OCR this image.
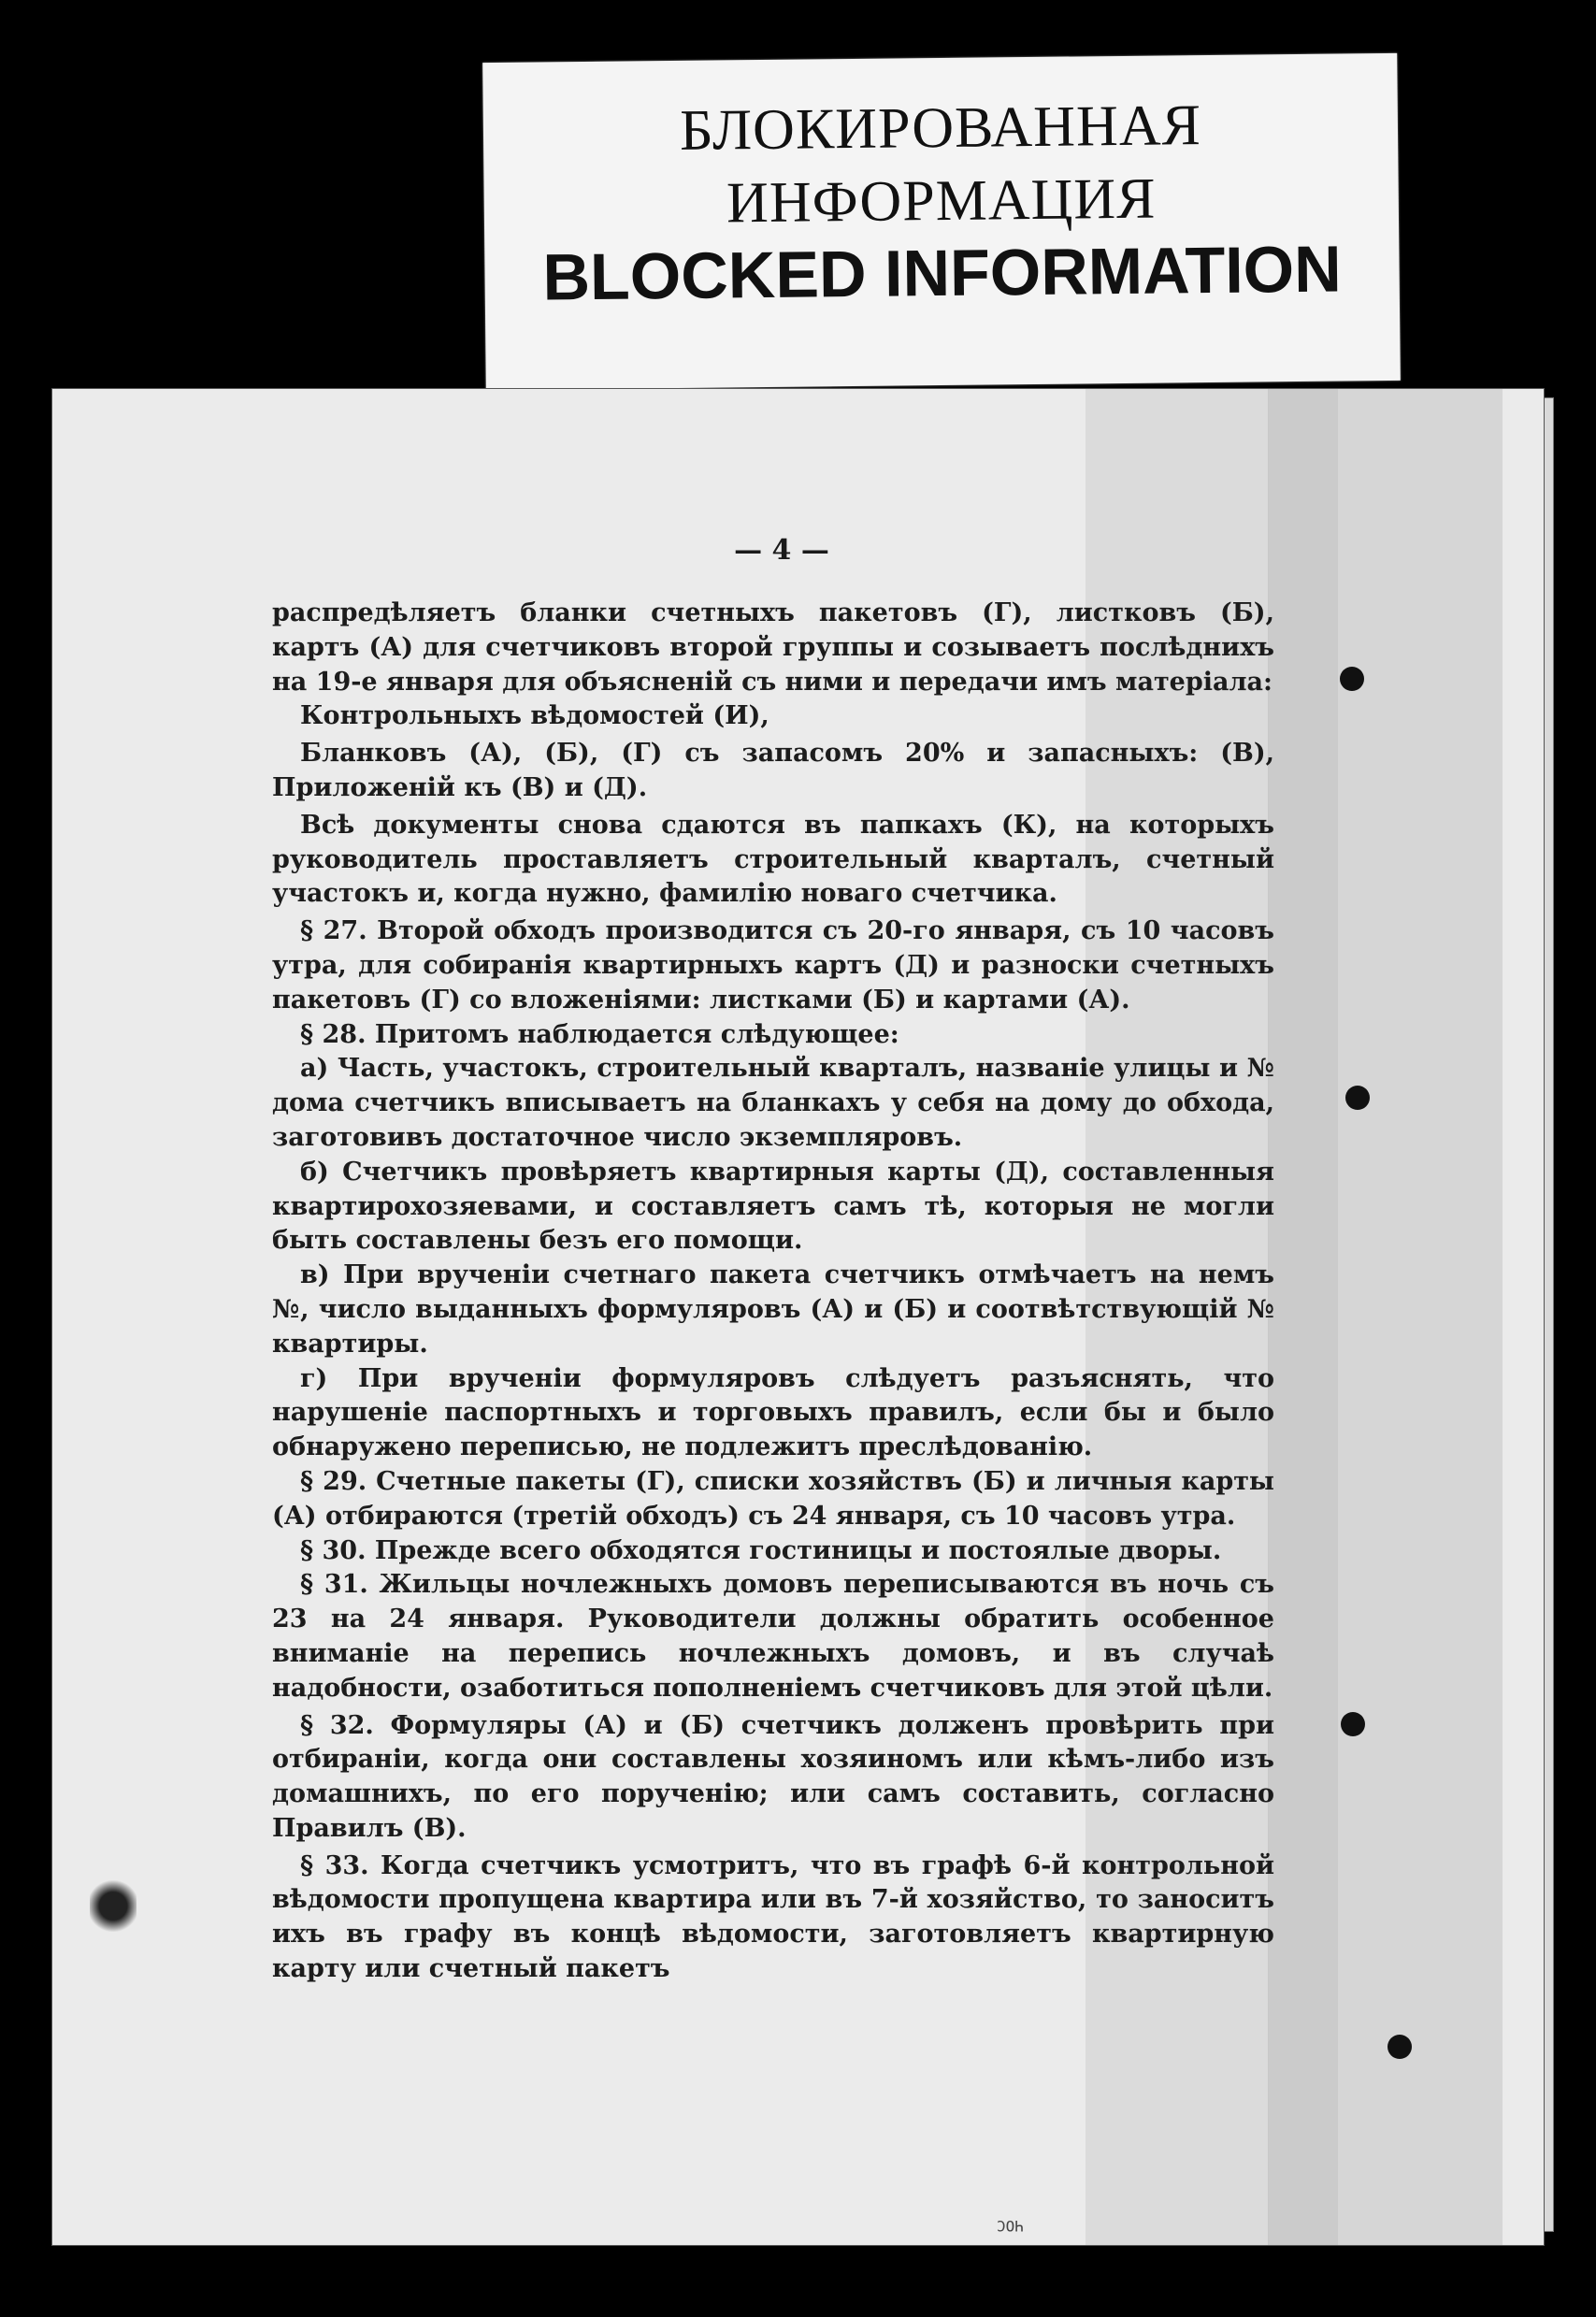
БЛОКИРОВАННАЯ
ИНФОРМАЦИЯ
BLOCKED INFORMATION

— 4 —

распредѣляетъ бланки счетныхъ пакетовъ (Г), листковъ (Б), картъ (А) для счетчиковъ второй группы и созываетъ послѣднихъ на 19-е января для объясненій съ ними и передачи имъ матеріала:

Контрольныхъ вѣдомостей (И),

Бланковъ (А), (Б), (Г) съ запасомъ 20% и запасныхъ: (В), Приложеній къ (В) и (Д).

Всѣ документы снова сдаются въ папкахъ (К), на которыхъ руководитель проставляетъ строительный кварталъ, счетный участокъ и, когда нужно, фамилію новаго счетчика.

§ 27. Второй обходъ производится съ 20-го января, съ 10 часовъ утра, для собиранія квартирныхъ картъ (Д) и разноски счетныхъ пакетовъ (Г) со вложеніями: листками (Б) и картами (А).

§ 28. Притомъ наблюдается слѣдующее:

а) Часть, участокъ, строительный кварталъ, названіе улицы и № дома счетчикъ вписываетъ на бланкахъ у себя на дому до обхода, заготовивъ достаточное число экземпляровъ.

б) Счетчикъ провѣряетъ квартирныя карты (Д), составленныя квартирохозяевами, и составляетъ самъ тѣ, которыя не могли быть составлены безъ его помощи.

в) При врученіи счетнаго пакета счетчикъ отмѣчаетъ на немъ №, число выданныхъ формуляровъ (А) и (Б) и соотвѣтствующій № квартиры.

г) При врученіи формуляровъ слѣдуетъ разъяснять, что нарушеніе паспортныхъ и торговыхъ правилъ, если бы и было обнаружено переписью, не подлежитъ преслѣдованію.

§ 29. Счетные пакеты (Г), списки хозяйствъ (Б) и личныя карты (А) отбираются (третій обходъ) съ 24 января, съ 10 часовъ утра.

§ 30. Прежде всего обходятся гостиницы и постоялые дворы.

§ 31. Жильцы ночлежныхъ домовъ переписываются въ ночь съ 23 на 24 января. Руководители должны обратить особенное вниманіе на перепись ночлежныхъ домовъ, и въ случаѣ надобности, озаботиться пополненіемъ счетчиковъ для этой цѣли.

§ 32. Формуляры (А) и (Б) счетчикъ долженъ провѣрить при отбираніи, когда они составлены хозяиномъ или кѣмъ-либо изъ домашнихъ, по его порученію; или самъ составить, согласно Правилъ (В).

§ 33. Когда счетчикъ усмотритъ, что въ графѣ 6-й контрольной вѣдомости пропущена квартира или въ 7-й хозяйство, то заноситъ ихъ въ графу въ концѣ вѣдомости, заготовляетъ квартирную карту или счетный пакетъ

ЧОС
